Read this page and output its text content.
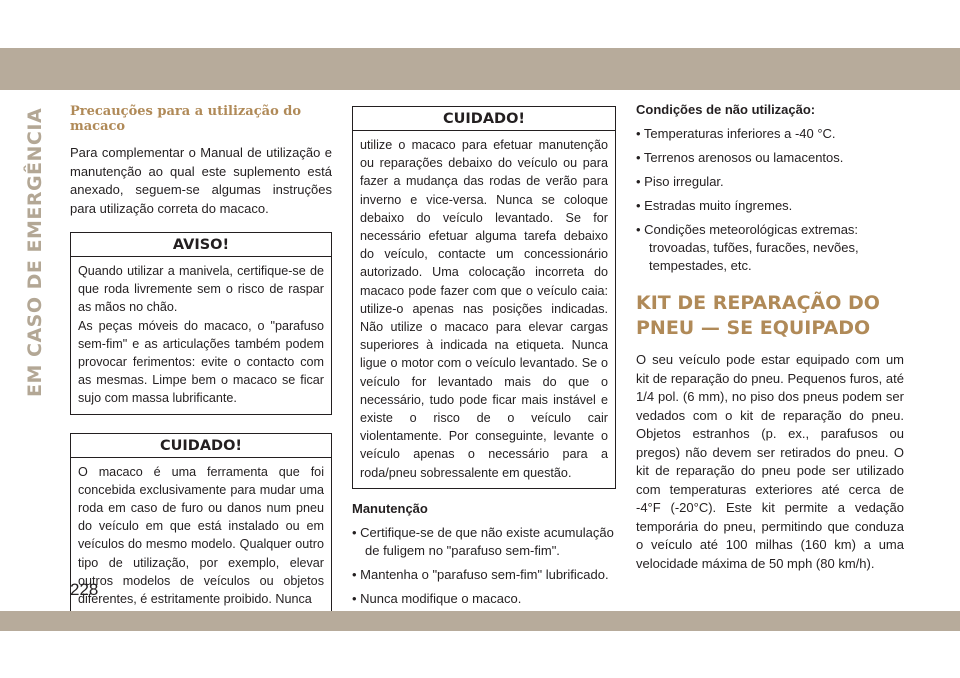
EM CASO DE EMERGÊNCIA Precauções para a utilização do macaco

Para complementar o Manual de utilização e manutenção ao qual este suplemento está anexado, seguem-se algumas instruções para utilização correta do macaco.

AVISO!

Quando utilizar a manivela, certifique-se de que roda livremente sem o risco de raspar as mãos no chão.

As peças móveis do macaco, o "parafuso sem-fim" e as articulações também podem provocar ferimentos: evite o contacto com as mesmas. Limpe bem o macaco se ficar sujo com massa lubrificante.

CUIDADO!

O macaco é uma ferramenta que foi concebida exclusivamente para mudar uma roda em caso de furo ou danos num pneu do veículo em que está instalado ou em veículos do mesmo modelo. Qualquer outro tipo de utilização, por exemplo, elevar outros modelos de veículos ou objetos diferentes, é estritamente proibido. Nunca

CUIDADO!

utilize o macaco para efetuar manutenção ou reparações debaixo do veículo ou para fazer a mudança das rodas de verão para inverno e vice-versa. Nunca se coloque debaixo do veículo levantado. Se for necessário efetuar alguma tarefa debaixo do veículo, contacte um concessionário autorizado. Uma colocação incorreta do macaco pode fazer com que o veículo caia: utilize-o apenas nas posições indicadas. Não utilize o macaco para elevar cargas superiores à indicada na etiqueta. Nunca ligue o motor com o veículo levantado. Se o veículo for levantado mais do que o necessário, tudo pode ficar mais instável e existe o risco de o veículo cair violentamente. Por conseguinte, levante o veículo apenas o necessário para a roda/pneu sobressalente em questão.

Manutenção
• Certifique-se de que não existe acumulação de fuligem no "parafuso sem-fim".
• Mantenha o "parafuso sem-fim" lubrificado.
• Nunca modifique o macaco.
Condições de não utilização:
• Temperaturas inferiores a -40 °C.
• Terrenos arenosos ou lamacentos.
• Piso irregular.
• Estradas muito íngremes.
• Condições meteorológicas extremas: trovoadas, tufões, furacões, nevões, tempestades, etc.
KIT DE REPARAÇÃO DO PNEU — SE EQUIPADO

O seu veículo pode estar equipado com um kit de reparação do pneu. Pequenos furos, até 1/4 pol. (6 mm), no piso dos pneus podem ser vedados com o kit de reparação do pneu. Objetos estranhos (p. ex., parafusos ou pregos) não devem ser retirados do pneu. O kit de reparação do pneu pode ser utilizado com temperaturas exteriores até cerca de -4°F (-20°C). Este kit permite a vedação temporária do pneu, permitindo que conduza o veículo até 100 milhas (160 km) a uma velocidade máxima de 50 mph (80 km/h).

228
